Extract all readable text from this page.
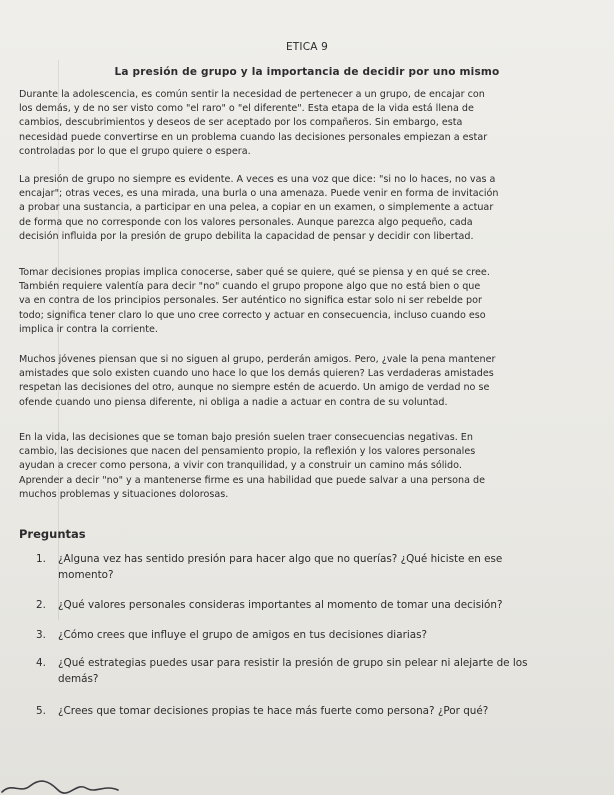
ETICA 9
La presión de grupo y la importancia de decidir por uno mismo

Durante la adolescencia, es común sentir la necesidad de pertenecer a un grupo, de encajar con
los demás, y de no ser visto como "el raro" o "el diferente". Esta etapa de la vida está llena de
cambios, descubrimientos y deseos de ser aceptado por los compañeros. Sin embargo, esta
necesidad puede convertirse en un problema cuando las decisiones personales empiezan a estar
controladas por lo que el grupo quiere o espera.

La presión de grupo no siempre es evidente. A veces es una voz que dice: "si no lo haces, no vas a
encajar"; otras veces, es una mirada, una burla o una amenaza. Puede venir en forma de invitación
a probar una sustancia, a participar en una pelea, a copiar en un examen, o simplemente a actuar
de forma que no corresponde con los valores personales. Aunque parezca algo pequeño, cada
decisión influida por la presión de grupo debilita la capacidad de pensar y decidir con libertad.

Tomar decisiones propias implica conocerse, saber qué se quiere, qué se piensa y en qué se cree.
También requiere valentía para decir "no" cuando el grupo propone algo que no está bien o que
va en contra de los principios personales. Ser auténtico no significa estar solo ni ser rebelde por
todo; significa tener claro lo que uno cree correcto y actuar en consecuencia, incluso cuando eso
implica ir contra la corriente.

Muchos jóvenes piensan que si no siguen al grupo, perderán amigos. Pero, ¿vale la pena mantener
amistades que solo existen cuando uno hace lo que los demás quieren? Las verdaderas amistades
respetan las decisiones del otro, aunque no siempre estén de acuerdo. Un amigo de verdad no se
ofende cuando uno piensa diferente, ni obliga a nadie a actuar en contra de su voluntad.

En la vida, las decisiones que se toman bajo presión suelen traer consecuencias negativas. En
cambio, las decisiones que nacen del pensamiento propio, la reflexión y los valores personales
ayudan a crecer como persona, a vivir con tranquilidad, y a construir un camino más sólido.
Aprender a decir "no" y a mantenerse firme es una habilidad que puede salvar a una persona de
muchos problemas y situaciones dolorosas.

Preguntas
1.	¿Alguna vez has sentido presión para hacer algo que no querías? ¿Qué hiciste en ese
momento?
2.	¿Qué valores personales consideras importantes al momento de tomar una decisión?
3.	¿Cómo crees que influye el grupo de amigos en tus decisiones diarias?
4.	¿Qué estrategias puedes usar para resistir la presión de grupo sin pelear ni alejarte de los
demás?
5.	¿Crees que tomar decisiones propias te hace más fuerte como persona? ¿Por qué?
